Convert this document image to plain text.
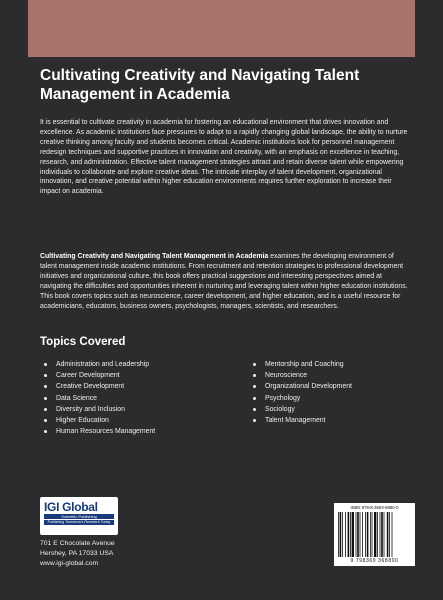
Cultivating Creativity and Navigating Talent
Management in Academia

It is essential to cultivate creativity in academia for fostering an educational environment that drives innovation and excellence. As academic institutions face pressures to adapt to a rapidly changing global landscape, the ability to nurture creative thinking among faculty and students becomes critical. Academic institutions look for personnel management redesign techniques and supportive practices in innovation and creativity, with an emphasis on excellence in teaching, research, and administration. Effective talent management strategies attract and retain diverse talent while empowering individuals to collaborate and explore creative ideas. The intricate interplay of talent development, organizational innovation, and creative potential within higher education environments requires further exploration to increase their impact on academia.

Cultivating Creativity and Navigating Talent Management in Academia examines the developing environment of talent management inside academic institutions. From recruitment and retention strategies to professional development initiatives and organizational culture, this book offers practical suggestions and interesting perspectives aimed at navigating the difficulties and opportunities inherent in nurturing and leveraging talent within higher education institutions. This book covers topics such as neuroscience, career development, and higher education, and is a useful resource for academicians, educators, business owners, psychologists, managers, scientists, and researchers.

Topics Covered
Administration and Leadership
Career Development
Creative Development
Data Science
Diversity and Inclusion
Higher Education
Human Resources Management
Mentorship and Coaching
Neuroscience
Organizational Development
Psychology
Sociology
Talent Management
IGI Global
Scientific Publishing
Publishing Tomorrow's Research Today

701 E Chocolate Avenue
Hershey, PA 17033 USA
www.igi-global.com

ISBN 979-8-3693-6880-0
9 798369 368800
